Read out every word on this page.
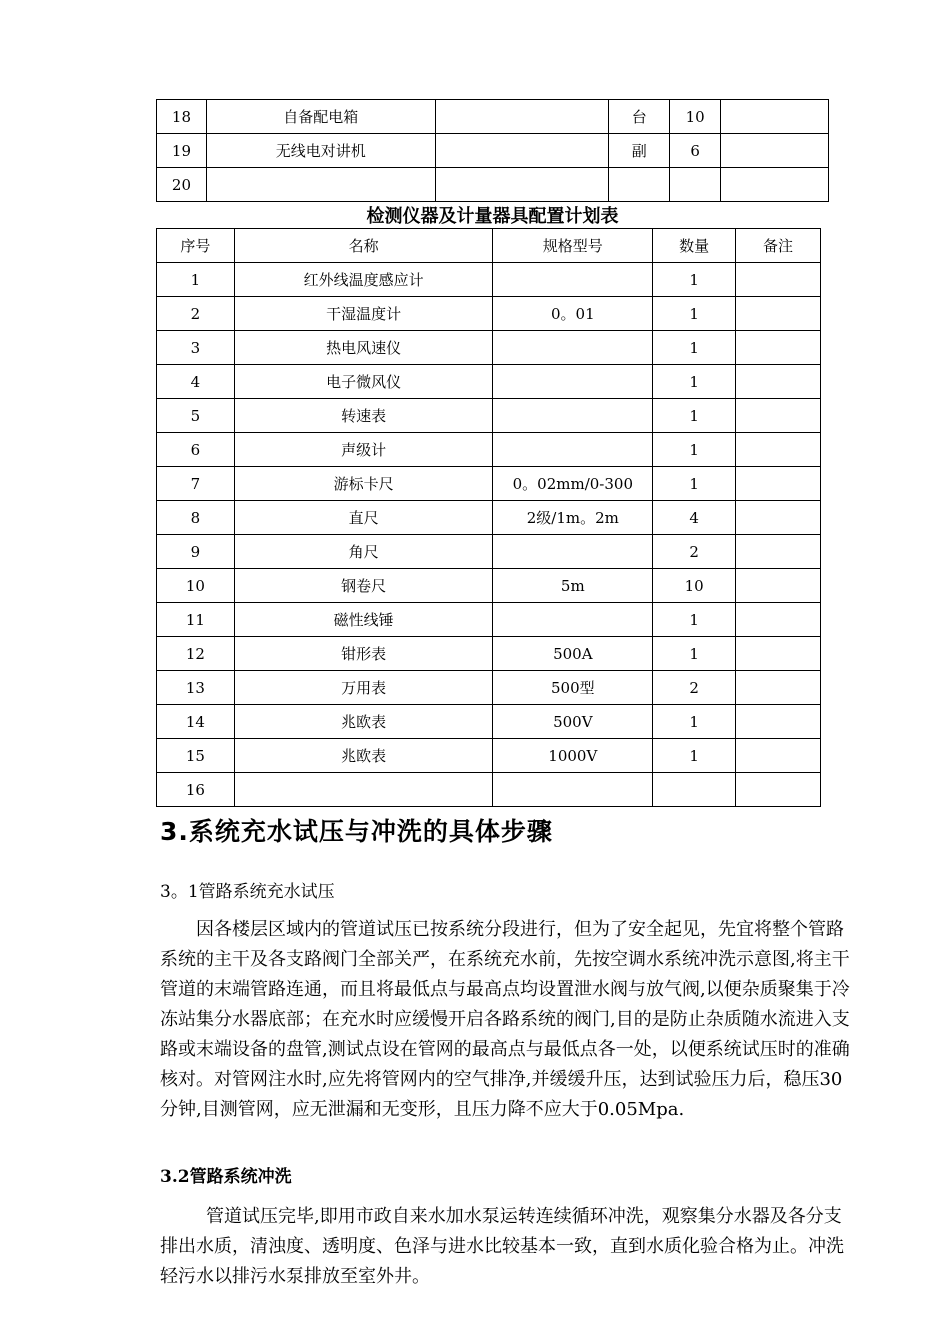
18	自备配电箱		台	10	
19	无线电对讲机		副	6	
20					
检测仪器及计量器具配置计划表
序号	名称	规格型号	数量	备注
1	红外线温度感应计		1	
2	干湿温度计	0。01	1	
3	热电风速仪		1	
4	电子微风仪		1	
5	转速表		1	
6	声级计		1	
7	游标卡尺	0。02mm/0-300	1	
8	直尺	2级/1m。2m	4	
9	角尺		2	
10	钢卷尺	5m	10	
11	磁性线锤		1	
12	钳形表	500A	1	
13	万用表	500型	2	
14	兆欧表	500V	1	
15	兆欧表	1000V	1	
16				
3.系统充水试压与冲洗的具体步骤
3。1管路系统充水试压

因各楼层区域内的管道试压已按系统分段进行，但为了安全起见，先宜将整个管路系统的主干及各支路阀门全部关严，在系统充水前，先按空调水系统冲洗示意图,将主干管道的末端管路连通，而且将最低点与最高点均设置泄水阀与放气阀,以便杂质聚集于冷冻站集分水器底部；在充水时应缓慢开启各路系统的阀门,目的是防止杂质随水流进入支路或末端设备的盘管,测试点设在管网的最高点与最低点各一处，以便系统试压时的准确核对。对管网注水时,应先将管网内的空气排净,并缓缓升压，达到试验压力后，稳压30分钟,目测管网，应无泄漏和无变形，且压力降不应大于0.05Mpa.

3.2管路系统冲洗

管道试压完毕,即用市政自来水加水泵运转连续循环冲洗，观察集分水器及各分支排出水质，清浊度、透明度、色泽与进水比较基本一致，直到水质化验合格为止。冲洗轻污水以排污水泵排放至室外井。
